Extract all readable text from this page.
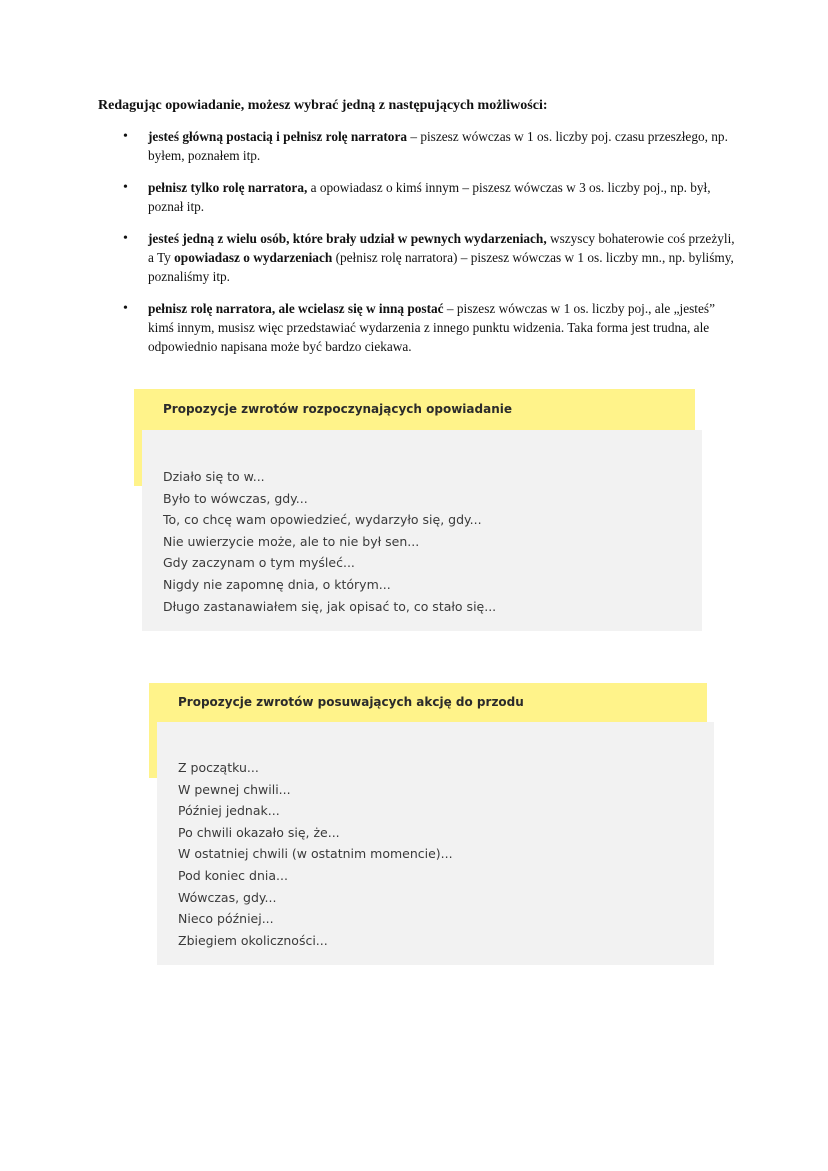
Redagując opowiadanie, możesz wybrać jedną z następujących możliwości:
• jesteś główną postacią i pełnisz rolę narratora – piszesz wówczas w 1 os. liczby poj. czasu przeszłego, np. byłem, poznałem itp.
• pełnisz tylko rolę narratora, a opowiadasz o kimś innym – piszesz wówczas w 3 os. liczby poj., np. był, poznał itp.
• jesteś jedną z wielu osób, które brały udział w pewnych wydarzeniach, wszyscy bohaterowie coś przeżyli, a Ty opowiadasz o wydarzeniach (pełnisz rolę narratora) – piszesz wówczas w 1 os. liczby mn., np. byliśmy, poznaliśmy itp.
• pełnisz rolę narratora, ale wcielasz się w inną postać – piszesz wówczas w 1 os. liczby poj., ale „jesteś” kimś innym, musisz więc przedstawiać wydarzenia z innego punktu widzenia. Taka forma jest trudna, ale odpowiednio napisana może być bardzo ciekawa.
Propozycje zwrotów rozpoczynających opowiadanie
Działo się to w...
Było to wówczas, gdy...
To, co chcę wam opowiedzieć, wydarzyło się, gdy...
Nie uwierzycie może, ale to nie był sen...
Gdy zaczynam o tym myśleć...
Nigdy nie zapomnę dnia, o którym...
Długo zastanawiałem się, jak opisać to, co stało się...
Propozycje zwrotów posuwających akcję do przodu
Z początku...
W pewnej chwili...
Później jednak...
Po chwili okazało się, że...
W ostatniej chwili (w ostatnim momencie)...
Pod koniec dnia...
Wówczas, gdy...
Nieco później...
Zbiegiem okoliczności...
